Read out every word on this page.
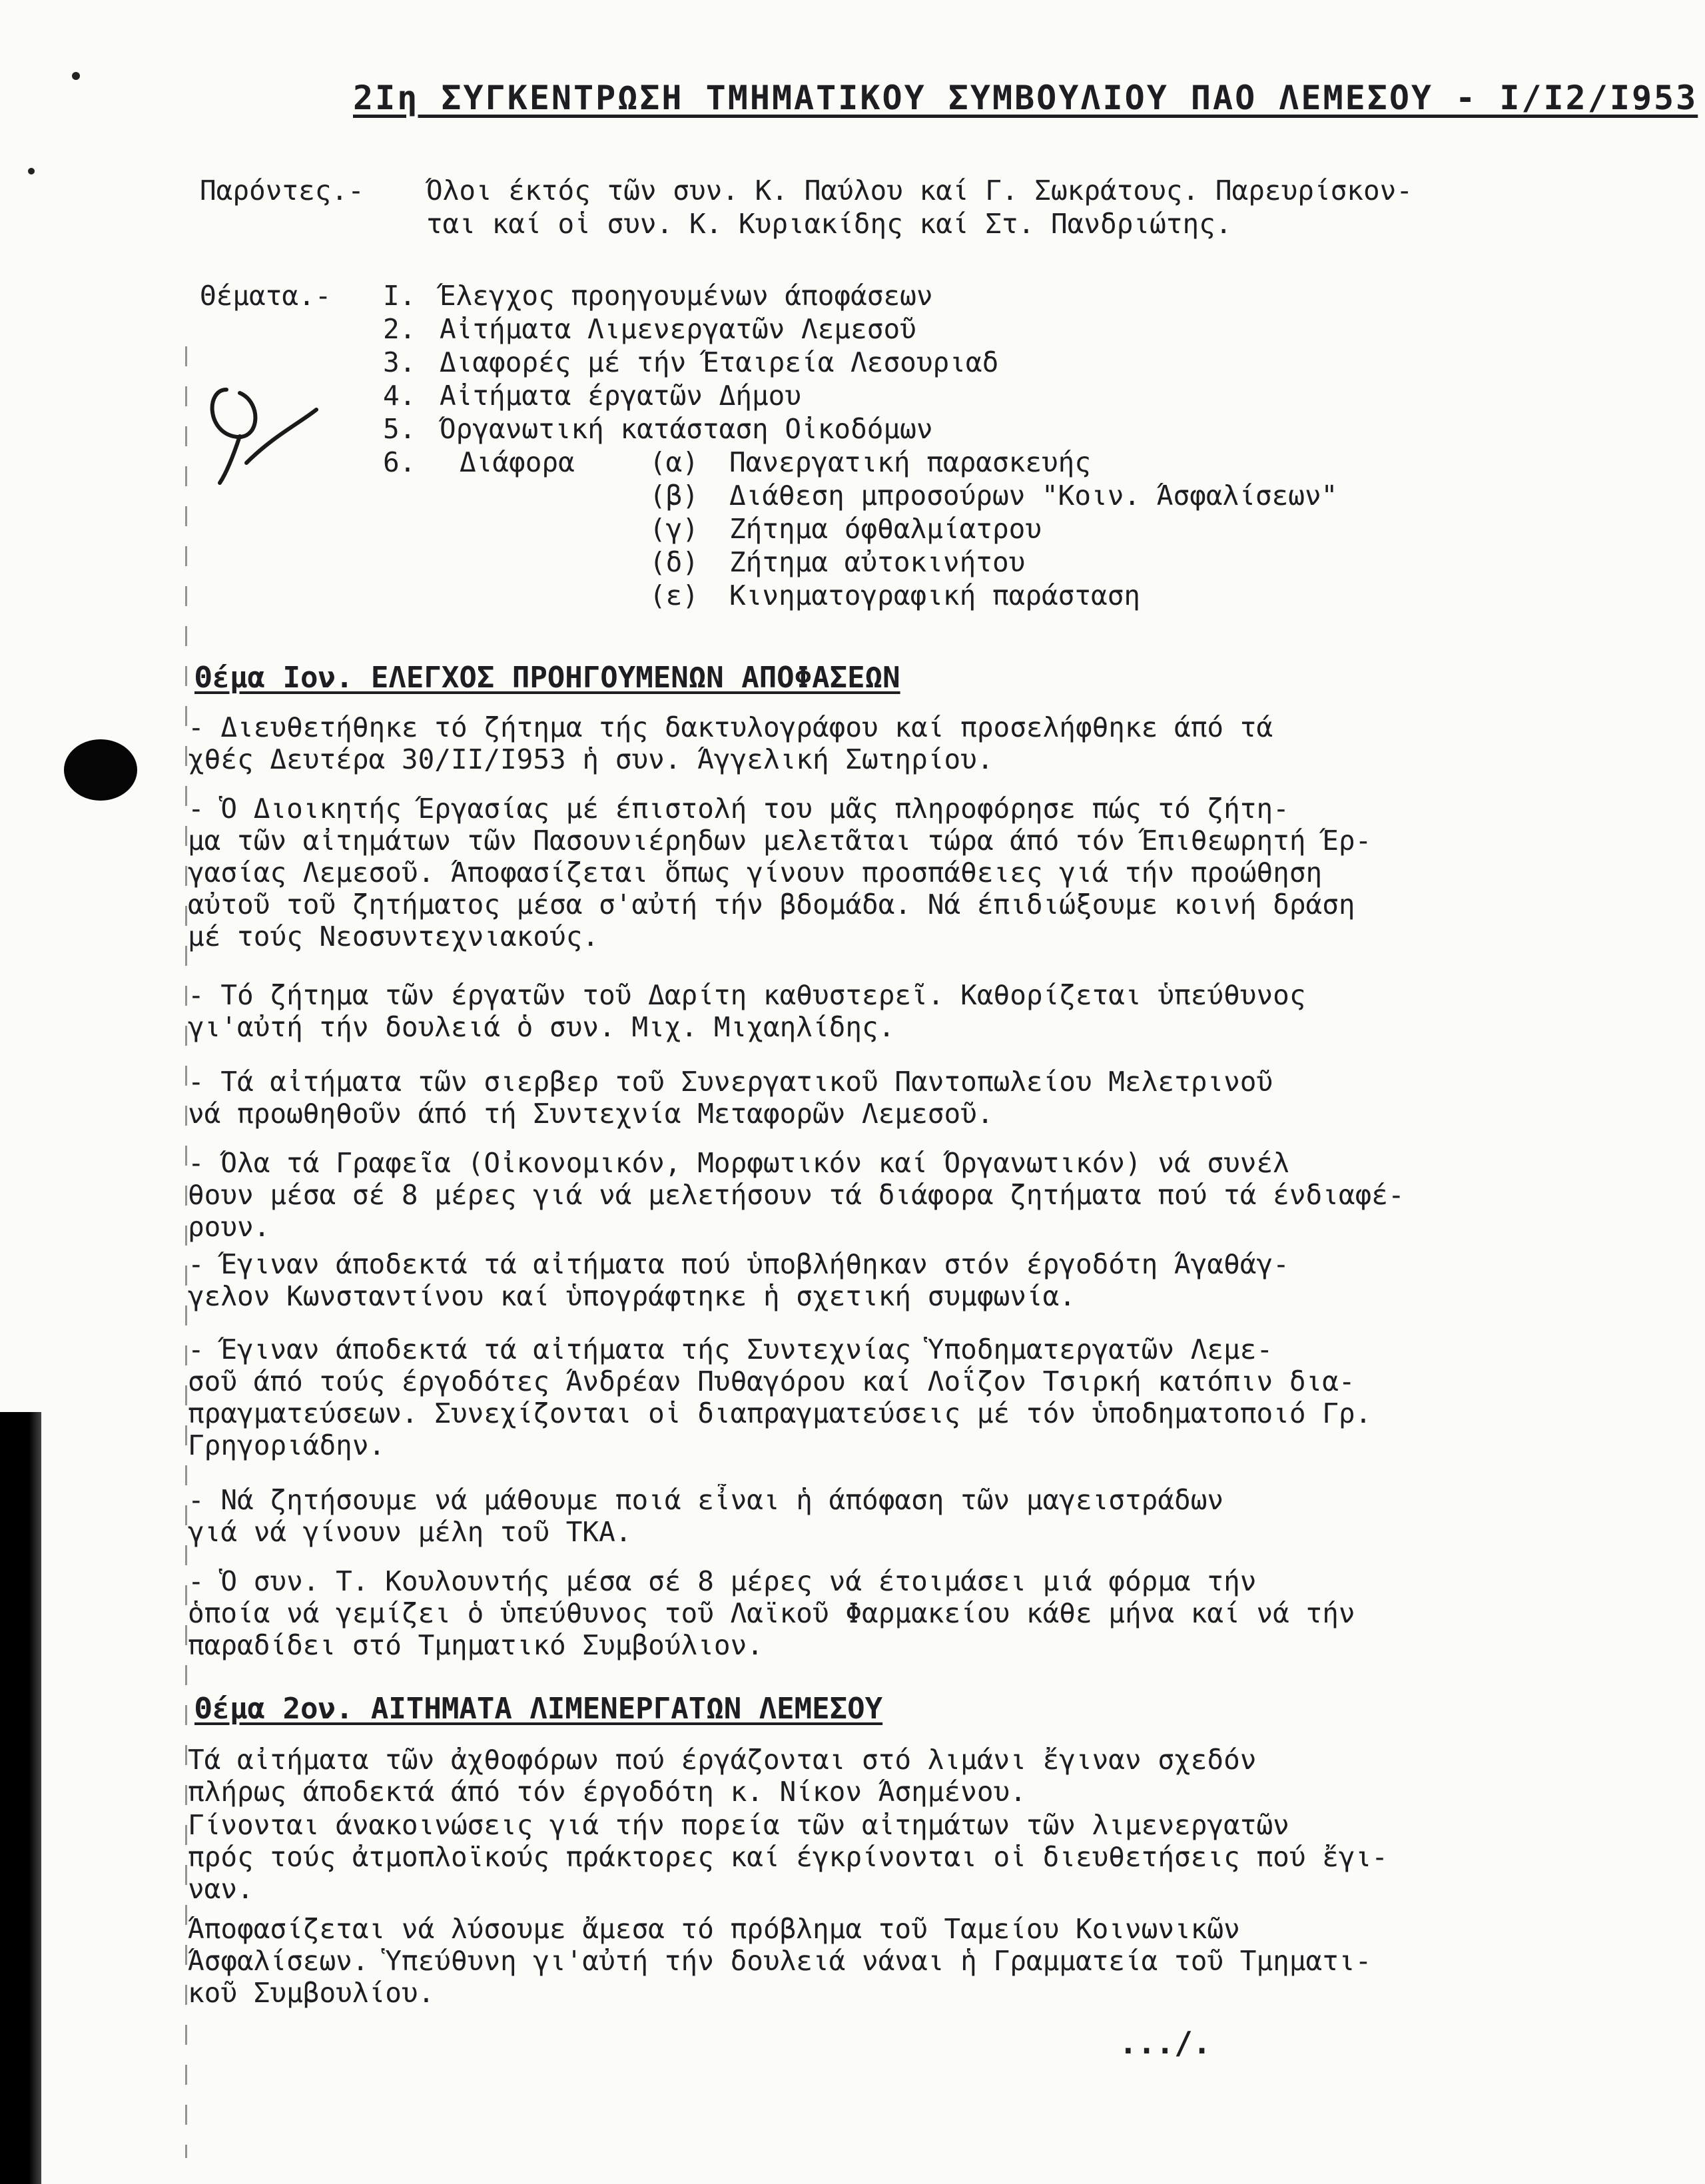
2Iη ΣΥΓΚΕΝΤΡΩΣΗ ΤΜΗΜΑΤΙΚΟΥ ΣΥΜΒΟΥΛΙΟΥ ΠΑΟ ΛΕΜΕΣΟΥ - I/I2/I953
Παρόντες.- Όλοι έκτός τῶν συν. Κ. Παύλου καί Γ. Σωκράτους. Παρευρίσκον-
ται καί οἱ συν. Κ. Κυριακίδης καί Στ. Πανδριώτης.
Θέματα.- I. Έλεγχος προηγουμένων άποφάσεων
2. Αἰτήματα Λιμενεργατῶν Λεμεσοῦ
3. Διαφορές μέ τήν Έταιρεία Λεσουριαδ
4. Αἰτήματα έργατῶν Δήμου
5. Όργανωτική κατάσταση Οἰκοδόμων
6. Διάφορα	(α) Πανεργατική παρασκευής
(β) Διάθεση μπροσούρων "Κοιν. Άσφαλίσεων"
(γ) Ζήτημα όφθαλμίατρου
(δ) Ζήτημα αὐτοκινήτου
(ε) Κινηματογραφική παράσταση
Θέμα Ιον. ΕΛΕΓΧΟΣ ΠΡΟΗΓΟΥΜΕΝΩΝ ΑΠΟΦΑΣΕΩΝ
- Διευθετήθηκε τό ζήτημα τής δακτυλογράφου καί προσελήφθηκε άπό τά
χθές Δευτέρα 30/II/I953 ἡ συν. Άγγελική Σωτηρίου.
- Ὁ Διοικητής Έργασίας μέ έπιστολή του μᾶς πληροφόρησε πώς τό ζήτη-
μα τῶν αἰτημάτων τῶν Πασουνιέρηδων μελετᾶται τώρα άπό τόν Έπιθεωρητή Έρ-
γασίας Λεμεσοῦ. Άποφασίζεται ὅπως γίνουν προσπάθειες γιά τήν προώθηση
αὐτοῦ τοῦ ζητήματος μέσα σ'αὐτή τήν βδομάδα. Νά έπιδιώξουμε κοινή δράση
μέ τούς Νεοσυντεχνιακούς.
- Τό ζήτημα τῶν έργατῶν τοῦ Δαρίτη καθυστερεῖ. Καθορίζεται ὑπεύθυνος
γι'αὐτή τήν δουλειά ὁ συν. Μιχ. Μιχαηλίδης.
- Τά αἰτήματα τῶν σιερβερ τοῦ Συνεργατικοῦ Παντοπωλείου Μελετρινοῦ
νά προωθηθοῦν άπό τή Συντεχνία Μεταφορῶν Λεμεσοῦ.
- Όλα τά Γραφεῖα (Οἰκονομικόν, Μορφωτικόν καί Όργανωτικόν) νά συνέλ
θουν μέσα σέ 8 μέρες γιά νά μελετήσουν τά διάφορα ζητήματα πού τά ένδιαφέ-
ρουν.
- Έγιναν άποδεκτά τά αἰτήματα πού ὑποβλήθηκαν στόν έργοδότη Άγαθάγ-
γελον Κωνσταντίνου καί ὑπογράφτηκε ἡ σχετική συμφωνία.
- Έγιναν άποδεκτά τά αἰτήματα τής Συντεχνίας Ὑποδηματεργατῶν Λεμε-
σοῦ άπό τούς έργοδότες Άνδρέαν Πυθαγόρου καί Λοΐζον Τσιρκή κατόπιν δια-
πραγματεύσεων. Συνεχίζονται οἱ διαπραγματεύσεις μέ τόν ὑποδηματοποιό Γρ.
Γρηγοριάδην.
- Νά ζητήσουμε νά μάθουμε ποιά εἶναι ἡ άπόφαση τῶν μαγειστράδων
γιά νά γίνουν μέλη τοῦ ΤΚΑ.
- Ὁ συν. Τ. Κουλουντής μέσα σέ 8 μέρες νά έτοιμάσει μιά φόρμα τήν
ὁποία νά γεμίζει ὁ ὑπεύθυνος τοῦ Λαϊκοῦ Φαρμακείου κάθε μήνα καί νά τήν
παραδίδει στό Τμηματικό Συμβούλιον.
Θέμα 2ον. ΑΙΤΗΜΑΤΑ ΛΙΜΕΝΕΡΓΑΤΩΝ ΛΕΜΕΣΟΥ
Τά αἰτήματα τῶν ἀχθοφόρων πού έργάζονται στό λιμάνι ἔγιναν σχεδόν
πλήρως άποδεκτά άπό τόν έργοδότη κ. Νίκον Άσημένου.
Γίνονται άνακοινώσεις γιά τήν πορεία τῶν αἰτημάτων τῶν λιμενεργατῶν
πρός τούς ἀτμοπλοϊκούς πράκτορες καί έγκρίνονται οἱ διευθετήσεις πού ἔγι-
ναν.
Άποφασίζεται νά λύσουμε ἄμεσα τό πρόβλημα τοῦ Ταμείου Κοινωνικῶν
Άσφαλίσεων. Ὑπεύθυνη γι'αὐτή τήν δουλειά νάναι ἡ Γραμματεία τοῦ Τμηματι-
κοῦ Συμβουλίου.
.../.
